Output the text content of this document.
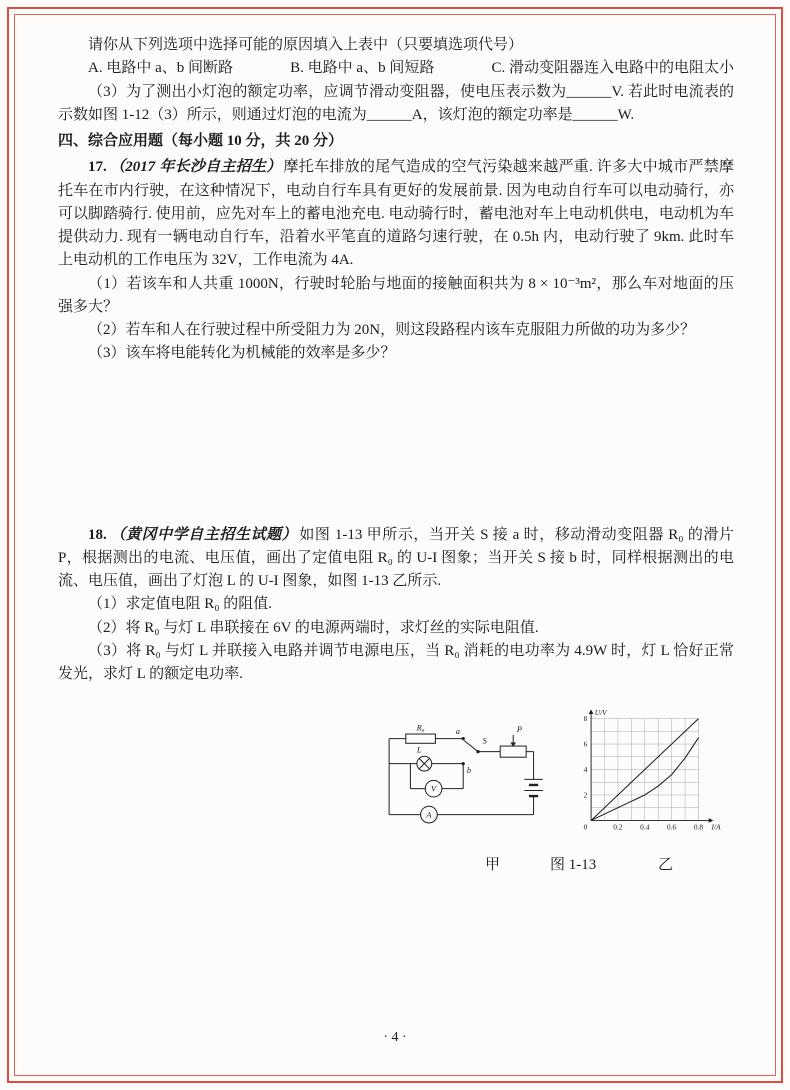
请你从下列选项中选择可能的原因填入上表中（只要填选项代号）

A. 电路中 a、b 间断路	B. 电路中 a、b 间短路	C. 滑动变阻器连入电路中的电阻太小

（3）为了测出小灯泡的额定功率，应调节滑动变阻器，使电压表示数为______V. 若此时电流表的示数如图 1-12（3）所示，则通过灯泡的电流为______A，该灯泡的额定功率是______W.

四、综合应用题（每小题 10 分，共 20 分）

17. （2017 年长沙自主招生） 摩托车排放的尾气造成的空气污染越来越严重. 许多大中城市严禁摩托车在市内行驶，在这种情况下，电动自行车具有更好的发展前景. 因为电动自行车可以电动骑行，亦可以脚踏骑行. 使用前，应先对车上的蓄电池充电. 电动骑行时，蓄电池对车上电动机供电，电动机为车提供动力. 现有一辆电动自行车，沿着水平笔直的道路匀速行驶，在 0.5h 内，电动行驶了 9km. 此时车上电动机的工作电压为 32V，工作电流为 4A.

（1）若该车和人共重 1000N，行驶时轮胎与地面的接触面积共为 8 × 10⁻³m²，那么车对地面的压强多大？

（2）若车和人在行驶过程中所受阻力为 20N，则这段路程内该车克服阻力所做的功为多少？

（3）该车将电能转化为机械能的效率是多少？

18. （黄冈中学自主招生试题） 如图 1-13 甲所示，当开关 S 接 a 时，移动滑动变阻器 R₀ 的滑片 P，根据测出的电流、电压值，画出了定值电阻 R₀ 的 U-I 图象；当开关 S 接 b 时，同样根据测出的电流、电压值，画出了灯泡 L 的 U-I 图象，如图 1-13 乙所示.

（1）求定值电阻 R₀ 的阻值.

（2）将 R₀ 与灯 L 串联接在 6V 的电源两端时，求灯丝的实际电阻值.

（3）将 R₀ 与灯 L 并联接入电路并调节电源电压，当 R₀ 消耗的电功率为 4.9W 时，灯 L 恰好正常发光，求灯 L 的额定电功率.

R₀	a
S
b
L
P
V
A
2
4
6
8
0.2 0.4 0.6 0.8
0
U/V
I/A
甲	图 1-13	乙
· 4 ·
